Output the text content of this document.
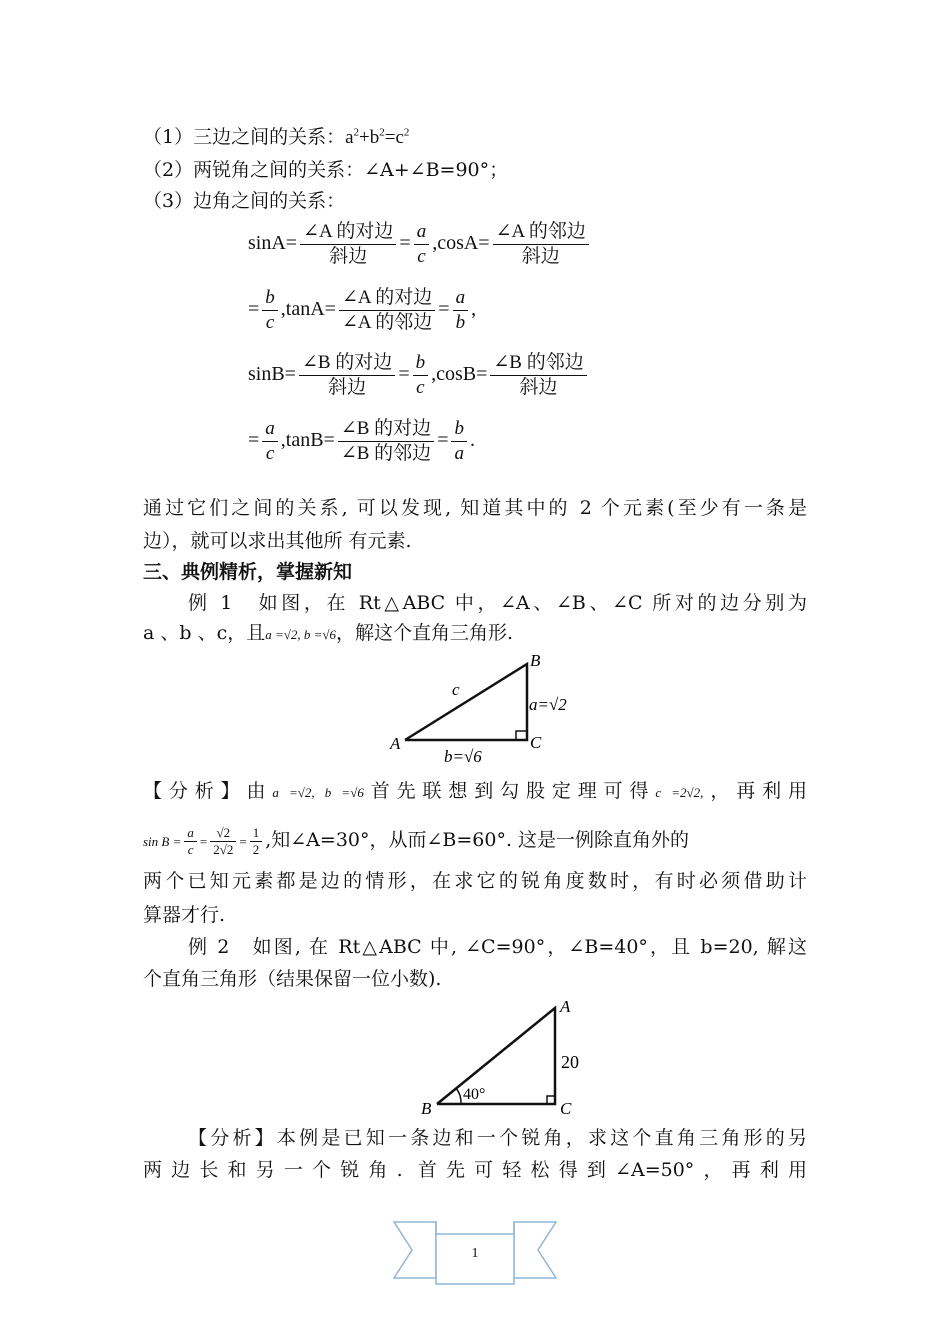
（1）三边之间的关系：$a^2+b^2=c^2$
（2）两锐角之间的关系：∠A+∠B=90°；
（3）边角之间的关系：
$\sin A= \frac{\text{∠A 的对边}}{\text{斜边}} = \frac{a}{c} ,\cos A= \frac{\text{∠A 的邻边}}{\text{斜边}}$
= $\frac{b}{c} ,\tan A= \frac{\text{∠A 的对边}}{\text{∠A 的邻边}} = \frac{a}{b}$ ,
$\sin B= \frac{\text{∠B 的对边}}{\text{斜边}} = \frac{b}{c} ,\cos B= \frac{\text{∠B 的邻边}}{\text{斜边}}$
= $\frac{a}{c} ,\tan B= \frac{\text{∠B 的对边}}{\text{∠B 的邻边}} = \frac{b}{a}$ .
通过它们之间的关系, 可以发现, 知道其中的 2 个元素(至少有一条是
边），就可以求出其他所 有元素.
三、典例精析，掌握新知
例 1　如图，在 Rt△ABC 中，∠A、∠B、∠C 所对的边分别为
a 、b 、c，且a =√2, b =√6，解这个直角三角形.
B
A	C
c
a=√2
b=√6
【分析】由a =√2, b =√6首先联想到勾股定理可得c =2√2,，再利用
$\sin B = \frac{a}{c} = \frac{√2}{2√2} = \frac{1}{2}$ ,知∠A=30°，从而∠B=60°. 这是一例除直角外的
两个已知元素都是边的情形，在求它的锐角度数时，有时必须借助计
算器才行.
例 2　如图, 在 Rt△ABC 中, ∠C=90°，∠B=40°，且 b=20, 解这
个直角三角形（结果保留一位小数).
A
B	C
20
40°
【分析】本例是已知一条边和一个锐角，求这个直角三角形的另
两边长和另一个锐角. 首先可轻松得到∠A=50°，再利用
1
